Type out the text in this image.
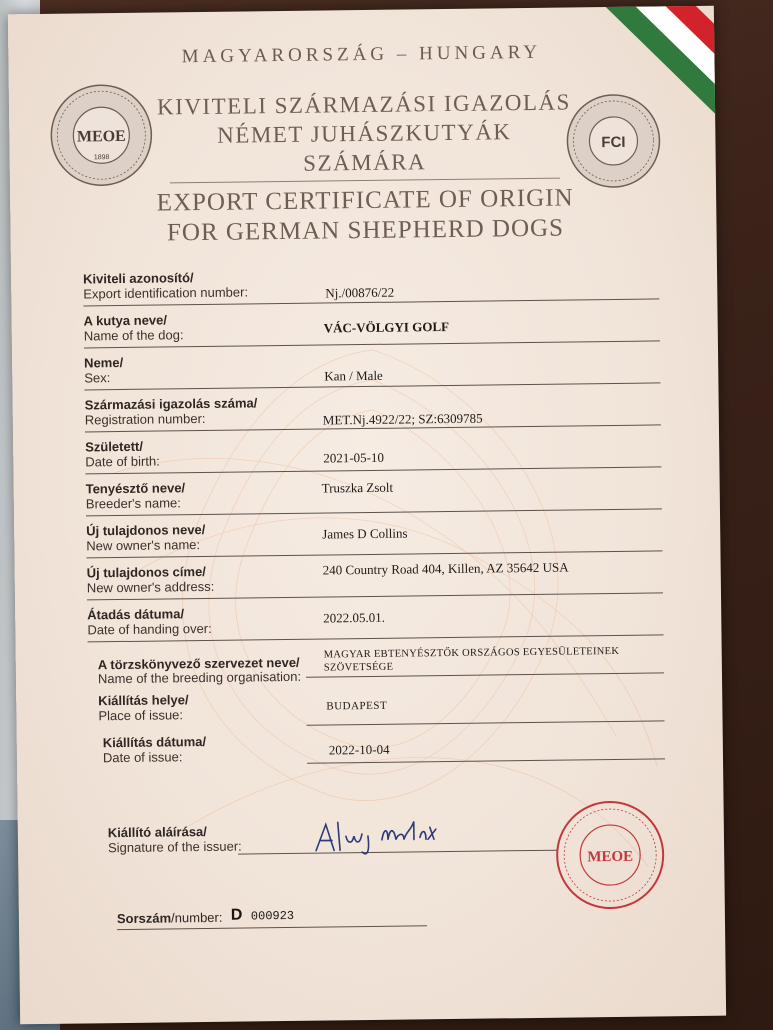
MAGYARORSZÁG – HUNGARY
MEOE
1898
KIVITELI SZÁRMAZÁSI IGAZOLÁS
NÉMET JUHÁSZKUTYÁK
SZÁMÁRA
EXPORT CERTIFICATE OF ORIGIN
FOR GERMAN SHEPHERD DOGS
FCI
Kiviteli azonosító/
Export identification number:	Nj./00876/22
A kutya neve/
Name of the dog:	VÁC-VÖLGYI GOLF
Neme/
Sex:	Kan / Male
Származási igazolás száma/
Registration number:	MET.Nj.4922/22; SZ:6309785
Született/
Date of birth:	2021-05-10
Tenyésztő neve/
Breeder's name:
Truszka Zsolt
Új tulajdonos neve/
New owner's name:
James D Collins
Új tulajdonos címe/
New owner's address:
240 Country Road 404, Killen, AZ 35642 USA
Átadás dátuma/
Date of handing over:
2022.05.01.
A törzskönyvező szervezet neve/
Name of the breeding organisation:
MAGYAR EBTENYÉSZTŐK ORSZÁGOS EGYESÜLETEINEK SZÖVETSÉGE
Kiállítás helye/
Place of issue:
BUDAPEST
Kiállítás dátuma/
Date of issue:	2022-10-04
Kiállító aláírása/
Signature of the issuer:
MEOE
Sorszám/number: D 000923
